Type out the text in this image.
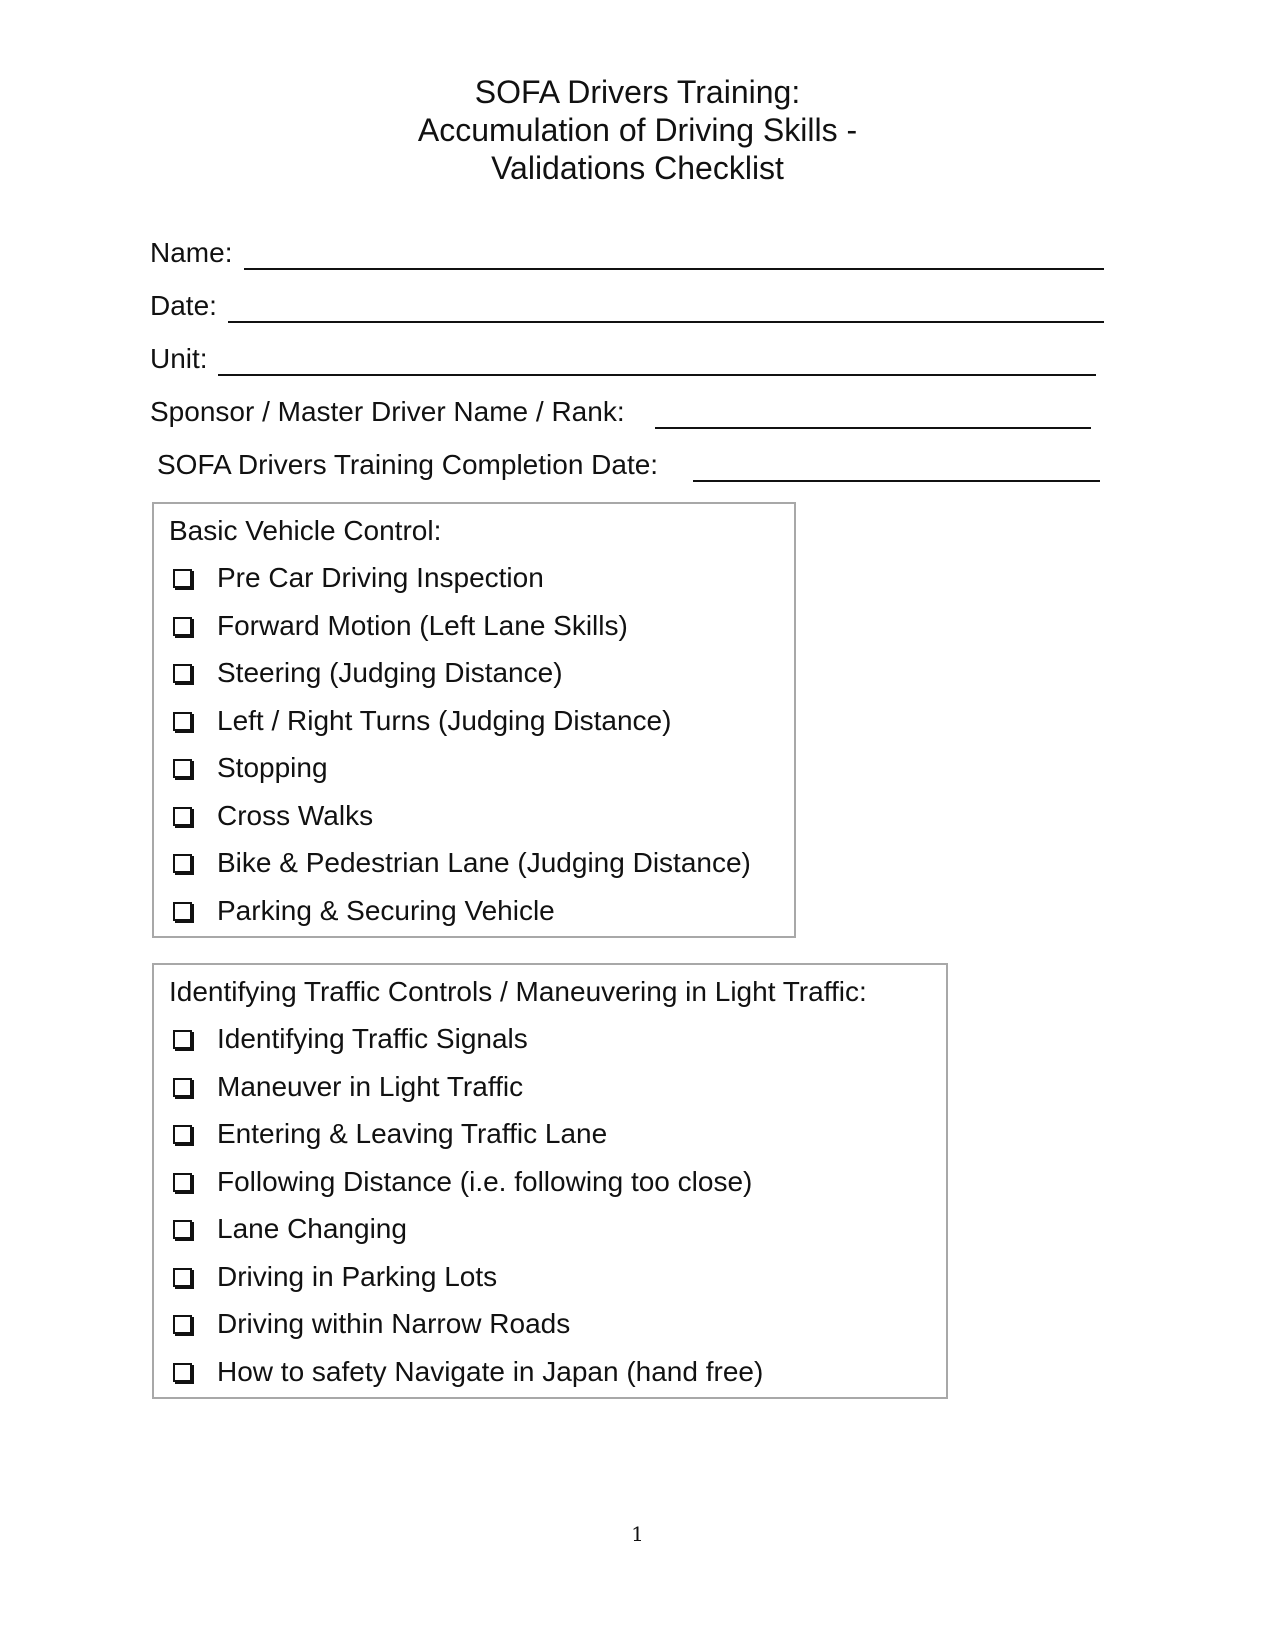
SOFA Drivers Training:
Accumulation of Driving Skills -
Validations Checklist
Name:
Date:
Unit:
Sponsor / Master Driver Name / Rank:
SOFA Drivers Training Completion Date:
Basic Vehicle Control:
Pre Car Driving Inspection
Forward Motion (Left Lane Skills)
Steering (Judging Distance)
Left / Right Turns (Judging Distance)
Stopping
Cross Walks
Bike & Pedestrian Lane (Judging Distance)
Parking & Securing Vehicle
Identifying Traffic Controls / Maneuvering in Light Traffic:
Identifying Traffic Signals
Maneuver in Light Traffic
Entering & Leaving Traffic Lane
Following Distance (i.e. following too close)
Lane Changing
Driving in Parking Lots
Driving within Narrow Roads
How to safety Navigate in Japan (hand free)
1
